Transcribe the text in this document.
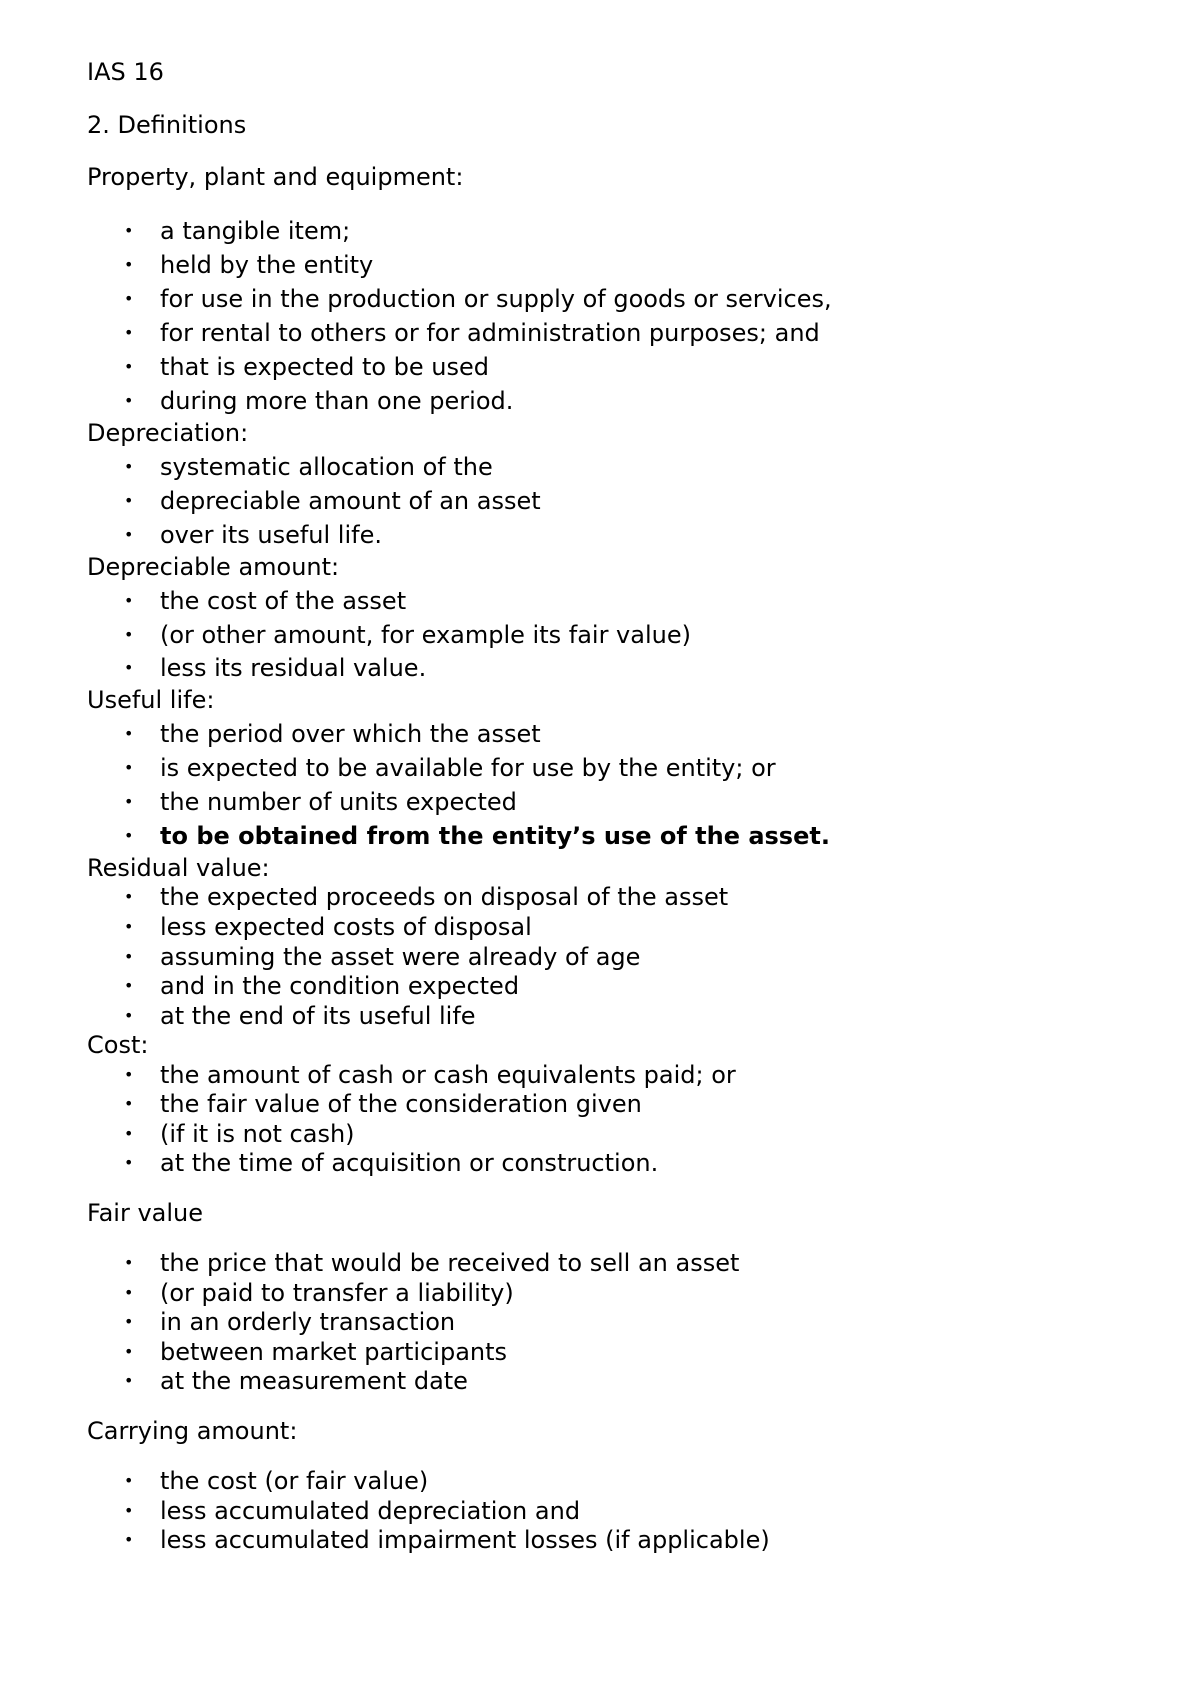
IAS 16

2. Definitions

Property, plant and equipment:

• a tangible item;
• held by the entity
• for use in the production or supply of goods or services,
• for rental to others or for administration purposes; and
• that is expected to be used
• during more than one period.

Depreciation:

• systematic allocation of the
• depreciable amount of an asset
• over its useful life.

Depreciable amount:

• the cost of the asset
• (or other amount, for example its fair value)
• less its residual value.

Useful life:

• the period over which the asset
• is expected to be available for use by the entity; or
• the number of units expected
• to be obtained from the entity’s use of the asset.

Residual value:

• the expected proceeds on disposal of the asset
• less expected costs of disposal
• assuming the asset were already of age
• and in the condition expected
• at the end of its useful life

Cost:

• the amount of cash or cash equivalents paid; or
• the fair value of the consideration given
• (if it is not cash)
• at the time of acquisition or construction.

Fair value

• the price that would be received to sell an asset
• (or paid to transfer a liability)
• in an orderly transaction
• between market participants
• at the measurement date

Carrying amount:

• the cost (or fair value)
• less accumulated depreciation and
• less accumulated impairment losses (if applicable)
